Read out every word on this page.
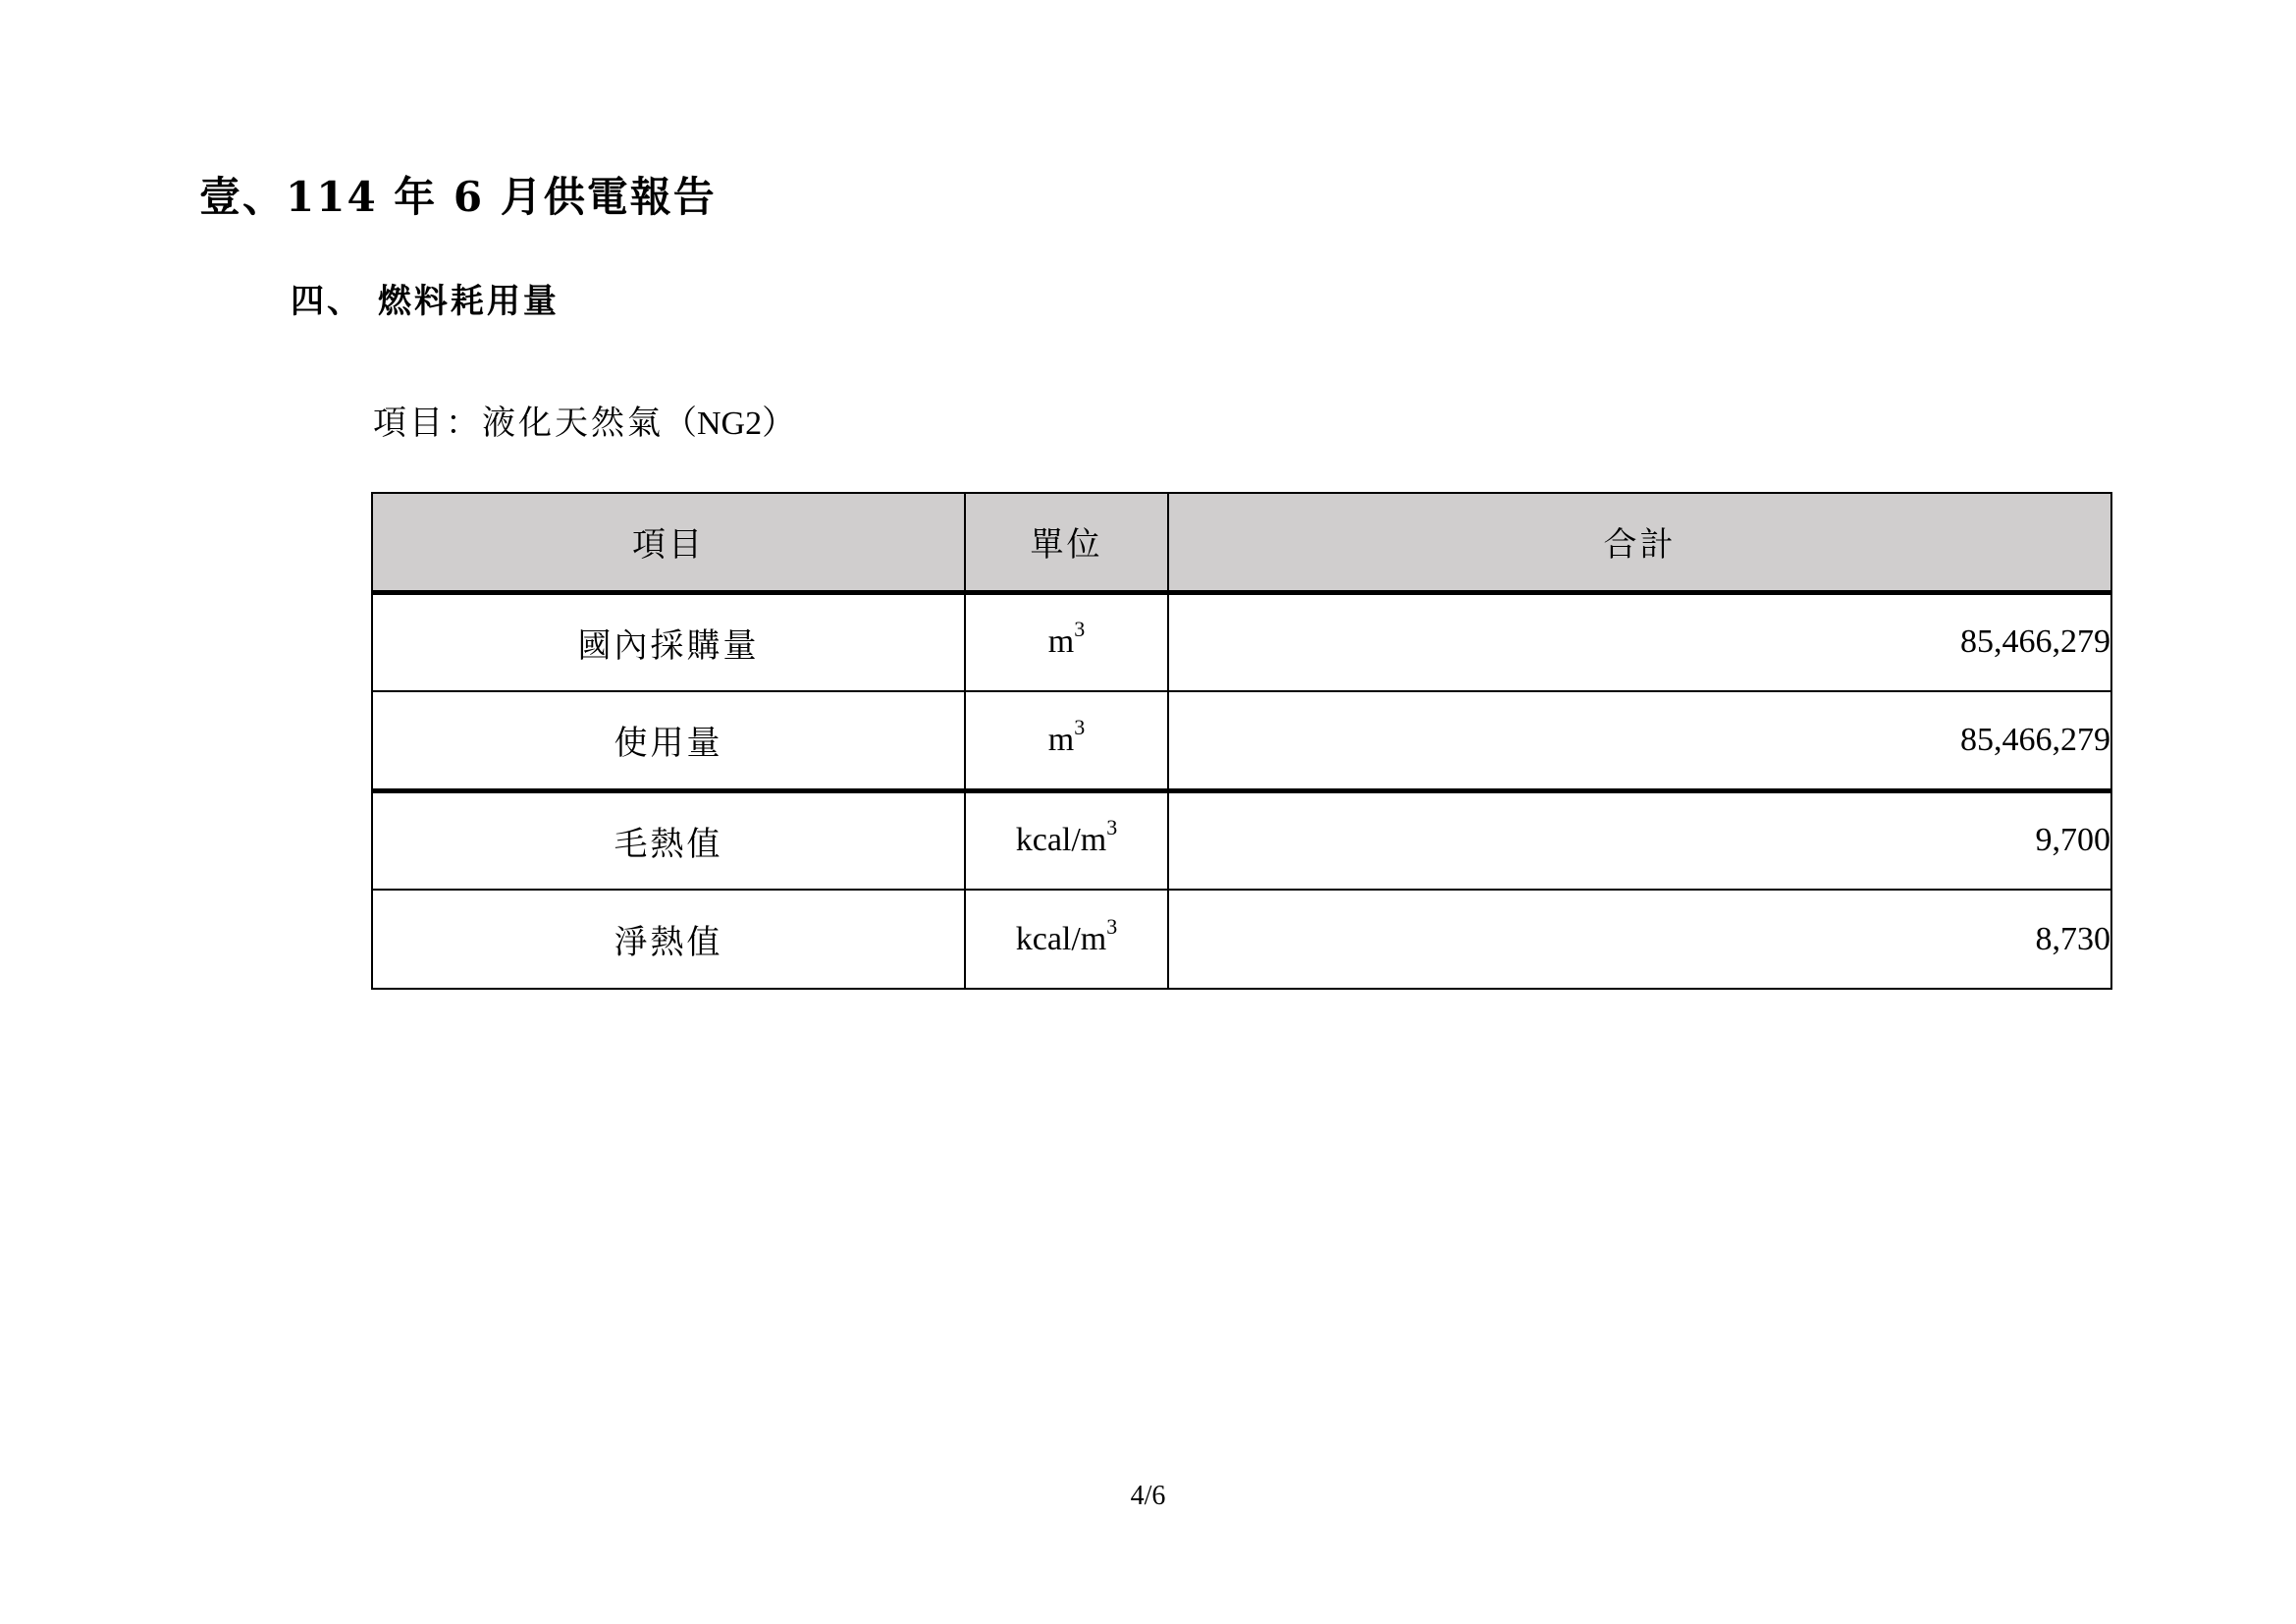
壹、114 年 6 月供電報告
四、 燃料耗用量
項目：液化天然氣（NG2）
項目	單位	合計
國內採購量	$m^3$	85,466,279
使用量	$m^3$	85,466,279
毛熱值	kcal/$m^3$	9,700
淨熱值	kcal/$m^3$	8,730
4/6
